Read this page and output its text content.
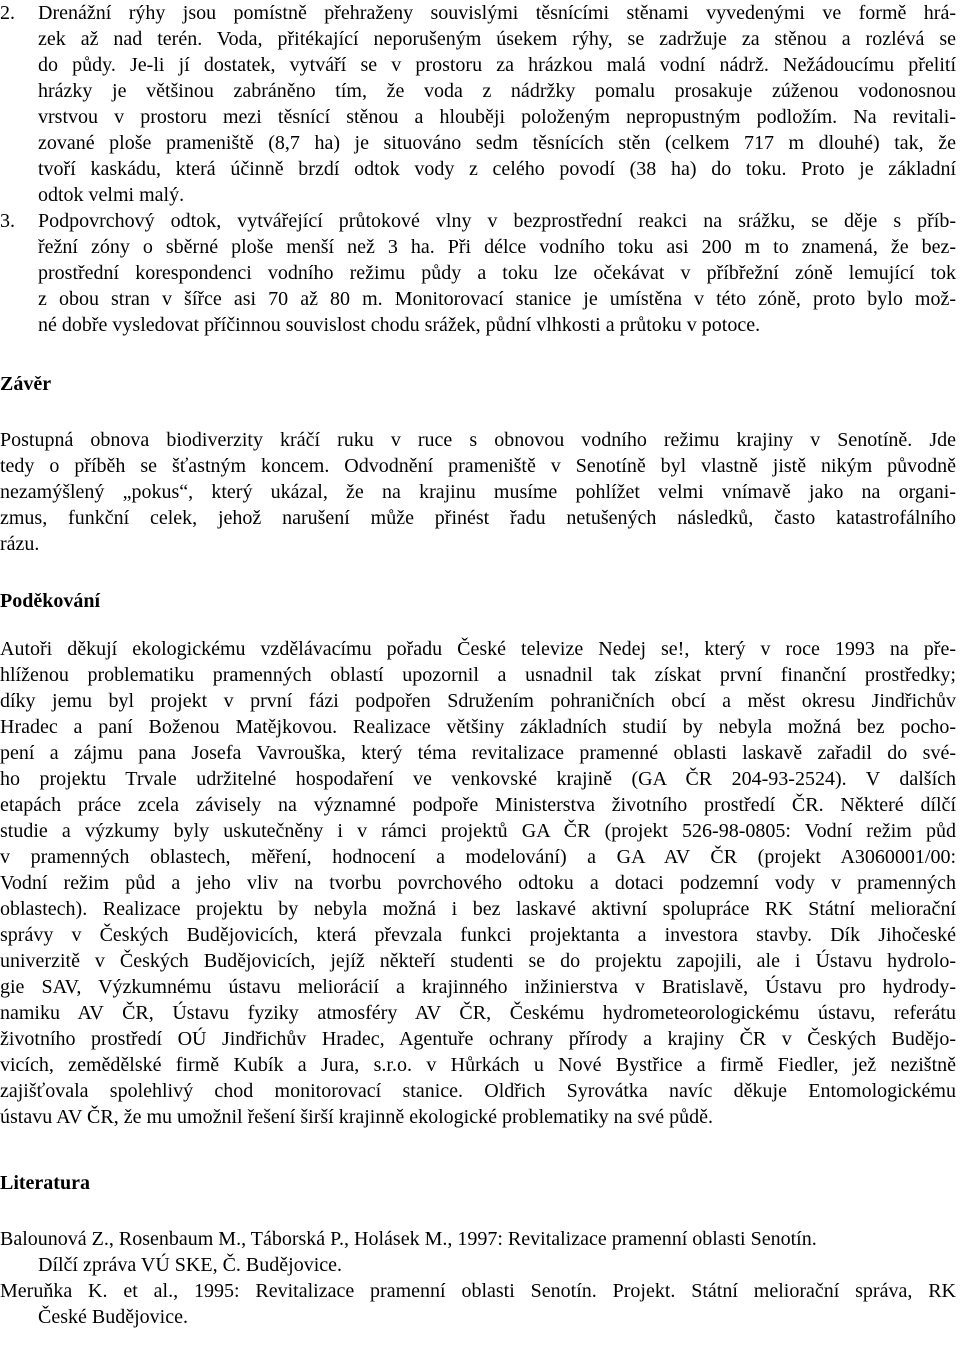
2. Drenážní rýhy jsou pomístně přehraženy souvislými těsnícími stěnami vyvedenými ve formě hrá-
zek až nad terén. Voda, přitékající neporušeným úsekem rýhy, se zadržuje za stěnou a rozlévá se
do půdy. Je-li jí dostatek, vytváří se v prostoru za hrázkou malá vodní nádrž. Nežádoucímu přelití
hrázky je většinou zabráněno tím, že voda z nádržky pomalu prosakuje zúženou vodonosnou
vrstvou v prostoru mezi těsnící stěnou a hlouběji položeným nepropustným podložím. Na revitali-
zované ploše prameniště (8,7 ha) je situováno sedm těsnících stěn (celkem 717 m dlouhé) tak, že
tvoří kaskádu, která účinně brzdí odtok vody z celého povodí (38 ha) do toku. Proto je základní
odtok velmi malý.
3. Podpovrchový odtok, vytvářející průtokové vlny v bezprostřední reakci na srážku, se děje s příb-
řežní zóny o sběrné ploše menší než 3 ha. Při délce vodního toku asi 200 m to znamená, že bez-
prostřední korespondenci vodního režimu půdy a toku lze očekávat v příbřežní zóně lemující tok
z obou stran v šířce asi 70 až 80 m. Monitorovací stanice je umístěna v této zóně, proto bylo mož-
né dobře vysledovat příčinnou souvislost chodu srážek, půdní vlhkosti a průtoku v potoce.
Závěr
Postupná obnova biodiverzity kráčí ruku v ruce s obnovou vodního režimu krajiny v Senotíně. Jde
tedy o příběh se šťastným koncem. Odvodnění prameniště v Senotíně byl vlastně jistě nikým původně
nezamýšlený „pokus“, který ukázal, že na krajinu musíme pohlížet velmi vnímavě jako na organi-
zmus, funkční celek, jehož narušení může přinést řadu netušených následků, často katastrofálního
rázu.
Poděkování
Autoři děkují ekologickému vzdělávacímu pořadu České televize Nedej se!, který v roce 1993 na pře-
hlíženou problematiku pramenných oblastí upozornil a usnadnil tak získat první finanční prostředky;
díky jemu byl projekt v první fázi podpořen Sdružením pohraničních obcí a měst okresu Jindřichův
Hradec a paní Boženou Matějkovou. Realizace většiny základních studií by nebyla možná bez pocho-
pení a zájmu pana Josefa Vavrouška, který téma revitalizace pramenné oblasti laskavě zařadil do své-
ho projektu Trvale udržitelné hospodaření ve venkovské krajině (GA ČR 204-93-2524). V dalších
etapách práce zcela závisely na významné podpoře Ministerstva životního prostředí ČR. Některé dílčí
studie a výzkumy byly uskutečněny i v rámci projektů GA ČR (projekt 526-98-0805: Vodní režim půd
v pramenných oblastech, měření, hodnocení a modelování) a GA AV ČR (projekt A3060001/00:
Vodní režim půd a jeho vliv na tvorbu povrchového odtoku a dotaci podzemní vody v pramenných
oblastech). Realizace projektu by nebyla možná i bez laskavé aktivní spolupráce RK Státní meliorační
správy v Českých Budějovicích, která převzala funkci projektanta a investora stavby. Dík Jihočeské
univerzitě v Českých Budějovicích, jejíž někteří studenti se do projektu zapojili, ale i Ústavu hydrolo-
gie SAV, Výzkumnému ústavu meliorácií a krajinného inžinierstva v Bratislavě, Ústavu pro hydrody-
namiku AV ČR, Ústavu fyziky atmosféry AV ČR, Českému hydrometeorologickému ústavu, referátu
životního prostředí OÚ Jindřichův Hradec, Agentuře ochrany přírody a krajiny ČR v Českých Budějo-
vicích, zemědělské firmě Kubík a Jura, s.r.o. v Hůrkách u Nové Bystřice a firmě Fiedler, jež nezištně
zajišťovala spolehlivý chod monitorovací stanice. Oldřich Syrovátka navíc děkuje Entomologickému
ústavu AV ČR, že mu umožnil řešení širší krajinně ekologické problematiky na své půdě.
Literatura
Balounová Z., Rosenbaum M., Táborská P., Holásek M., 1997: Revitalizace pramenní oblasti Senotín.
Dílčí zpráva VÚ SKE, Č. Budějovice.
Meruňka K. et al., 1995: Revitalizace pramenní oblasti Senotín. Projekt. Státní meliorační správa, RK
České Budějovice.
